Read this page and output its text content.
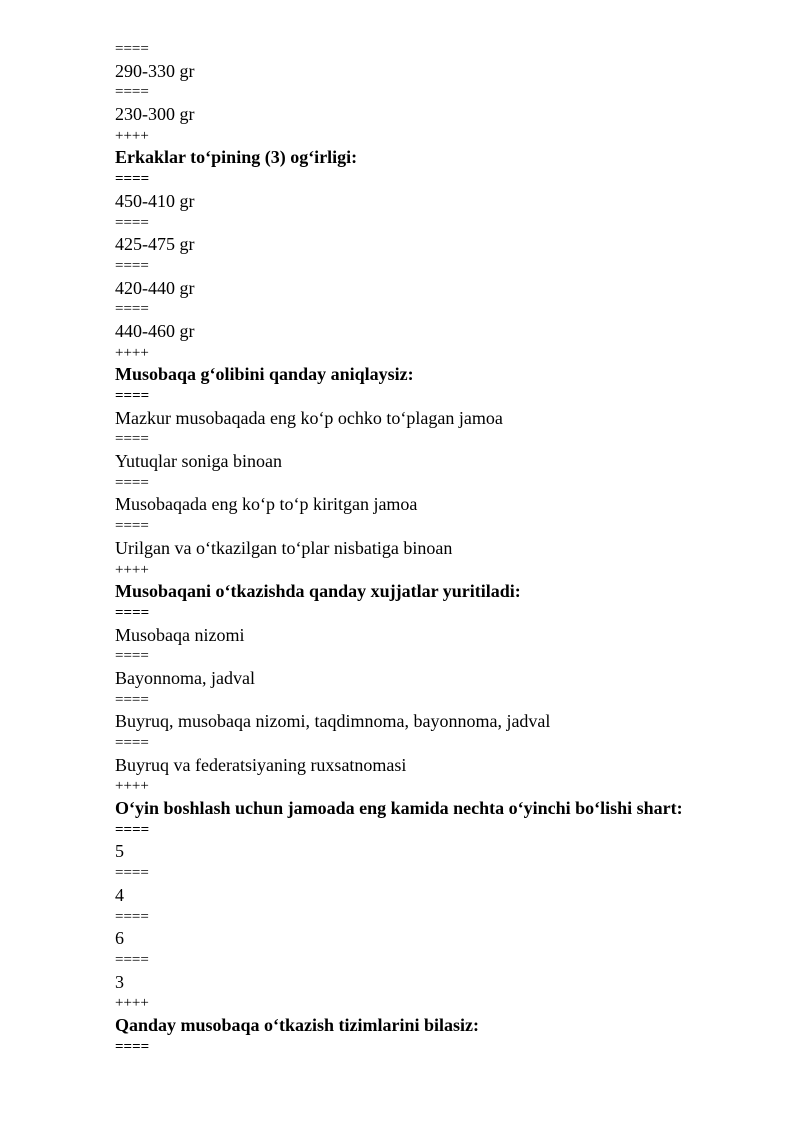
====
290-330 gr
====
230-300 gr
++++
Erkaklar to‘pining (3) og‘irligi:
====
450-410 gr
====
425-475 gr
====
420-440 gr
====
440-460 gr
++++
Musobaqa g‘olibini qanday aniqlaysiz:
====
Mazkur musobaqada eng ko‘p ochko to‘plagan jamoa
====
Yutuqlar soniga binoan
====
Musobaqada eng ko‘p to‘p kiritgan jamoa
====
Urilgan va o‘tkazilgan to‘plar nisbatiga binoan
++++
Musobaqani o‘tkazishda qanday xujjatlar yuritiladi:
====
Musobaqa nizomi
====
Bayonnoma, jadval
====
Buyruq, musobaqa nizomi, taqdimnoma, bayonnoma, jadval
====
Buyruq va federatsiyaning ruxsatnomasi
++++
O‘yin boshlash uchun jamoada eng kamida nechta o‘yinchi bo‘lishi shart:
====
5
====
4
====
6
====
3
++++
Qanday musobaqa o‘tkazish tizimlarini bilasiz:
====
